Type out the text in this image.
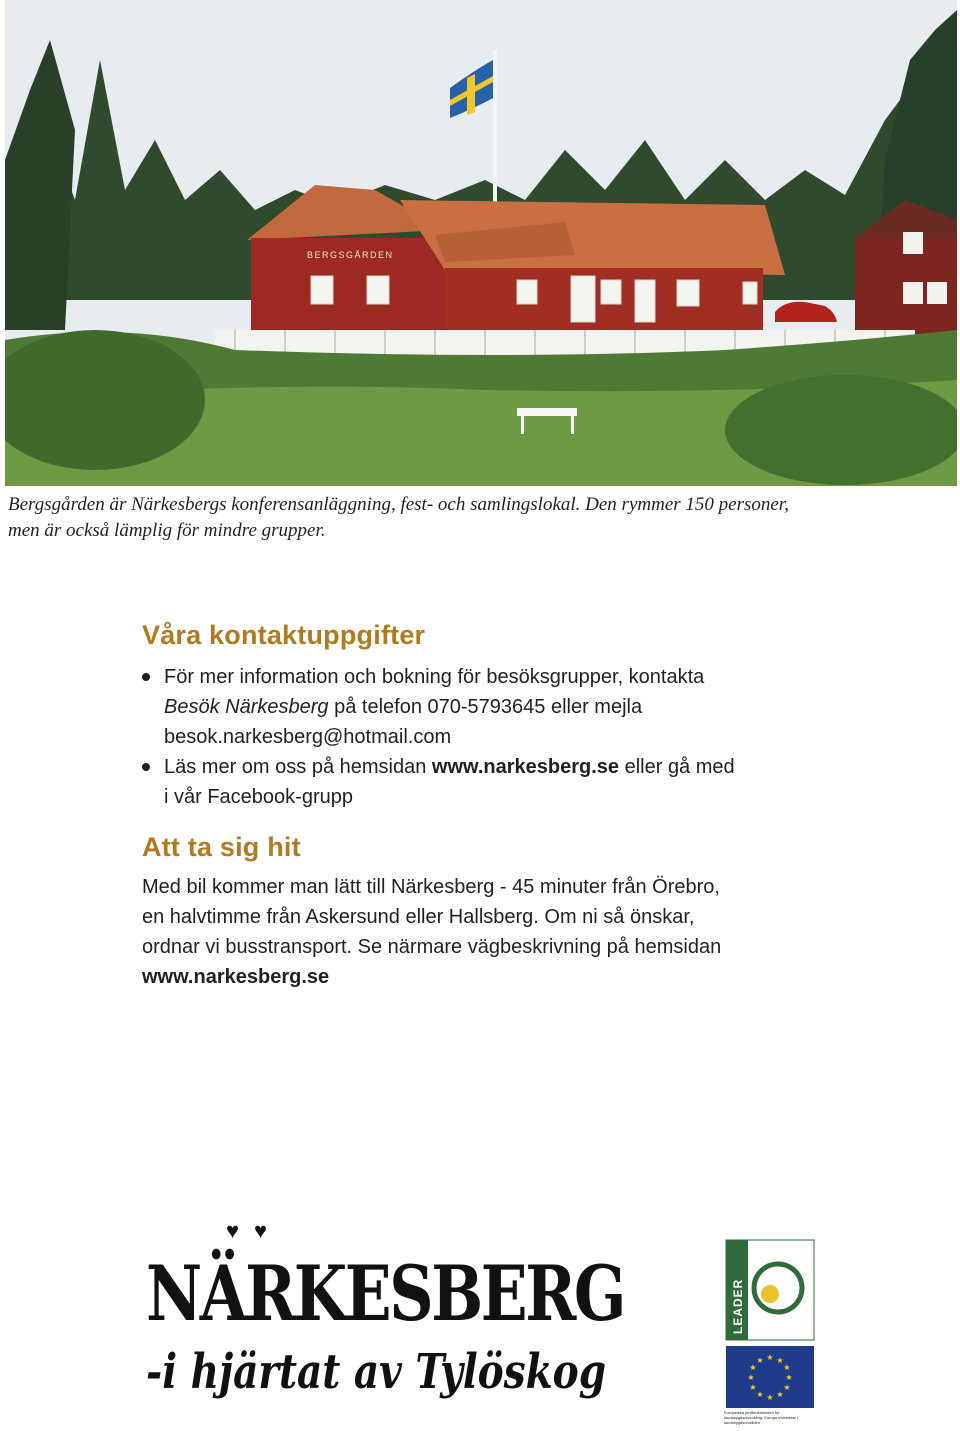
BERGSGÅRDEN
Bergsgården är Närkesbergs konferensanläggning, fest- och samlingslokal. Den rymmer 150 personer,
men är också lämplig för mindre grupper.
Våra kontaktuppgifter
För mer information och bokning för besöksgrupper, kontakta
Besök Närkesberg på telefon 070-5793645 eller mejla
besok.narkesberg@hotmail.com
Läs mer om oss på hemsidan www.narkesberg.se eller gå med
i vår Facebook-grupp
Att ta sig hit
Med bil kommer man lätt till Närkesberg - 45 minuter från Örebro,
en halvtimme från Askersund eller Hallsberg. Om ni så önskar,
ordnar vi busstransport. Se närmare vägbeskrivning på hemsidan
www.narkesberg.se
♥ ♥
NÄRKESBE
-i hjärtat av Tylöskog
LEADER
★ ★
★
★
★
★
★
★
★
★
★
★
Europeiska jordbruksfonden för landsbygdsutveckling: Europa investerar i landsbygdsområden
